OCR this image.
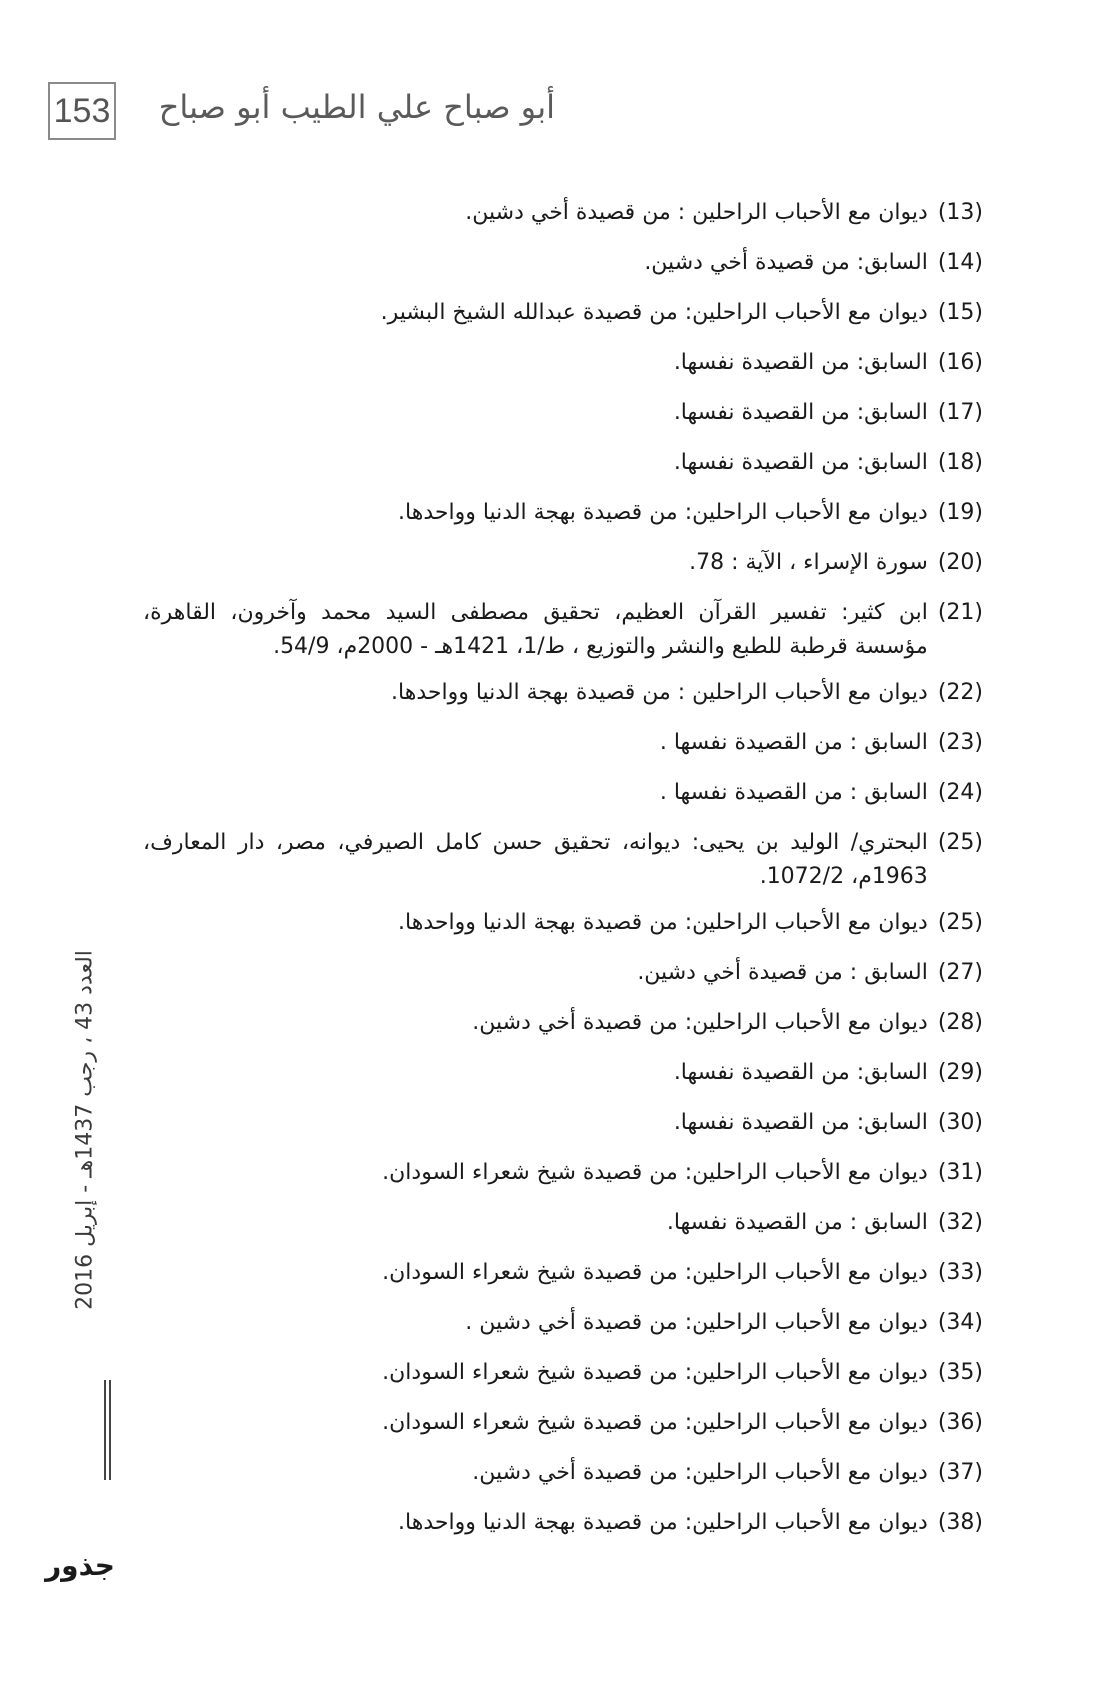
153 أبو صباح علي الطيب أبو صباح
(13)
ديوان مع الأحباب الراحلين : من قصيدة أخي دشين.
(14)
السابق: من قصيدة أخي دشين.
(15)
ديوان مع الأحباب الراحلين: من قصيدة عبدالله الشيخ البشير.
(16)
السابق: من القصيدة نفسها.
(17)
السابق: من القصيدة نفسها.
(18)
السابق: من القصيدة نفسها.
(19)
ديوان مع الأحباب الراحلين: من قصيدة بهجة الدنيا وواحدها.
(20)
سورة الإسراء ، الآية : 78.
(21)
ابن كثير: تفسير القرآن العظيم، تحقيق مصطفى السيد محمد وآخرون، القاهرة، مؤسسة قرطبة للطبع والنشر والتوزيع ، ط/1، 1421هـ - 2000م، 54/9.
(22)
ديوان مع الأحباب الراحلين : من قصيدة بهجة الدنيا وواحدها.
(23)
السابق : من القصيدة نفسها .
(24)
السابق : من القصيدة نفسها .
(25)
البحتري/ الوليد بن يحيى: ديوانه، تحقيق حسن كامل الصيرفي، مصر، دار المعارف، 1963م، 1072/2.
(25)
ديوان مع الأحباب الراحلين: من قصيدة بهجة الدنيا وواحدها.
(27)
السابق : من قصيدة أخي دشين.
(28)
ديوان مع الأحباب الراحلين: من قصيدة أخي دشين.
(29)
السابق: من القصيدة نفسها.
(30)
السابق: من القصيدة نفسها.
(31)
ديوان مع الأحباب الراحلين: من قصيدة شيخ شعراء السودان.
(32)
السابق : من القصيدة نفسها.
(33)
ديوان مع الأحباب الراحلين: من قصيدة شيخ شعراء السودان.
(34)
ديوان مع الأحباب الراحلين: من قصيدة أخي دشين .
(35)
ديوان مع الأحباب الراحلين: من قصيدة شيخ شعراء السودان.
(36)
ديوان مع الأحباب الراحلين: من قصيدة شيخ شعراء السودان.
(37)
ديوان مع الأحباب الراحلين: من قصيدة أخي دشين.
(38)
ديوان مع الأحباب الراحلين: من قصيدة بهجة الدنيا وواحدها.
العدد 43 ، رجب 1437هـ - إبريل 2016
جذور
